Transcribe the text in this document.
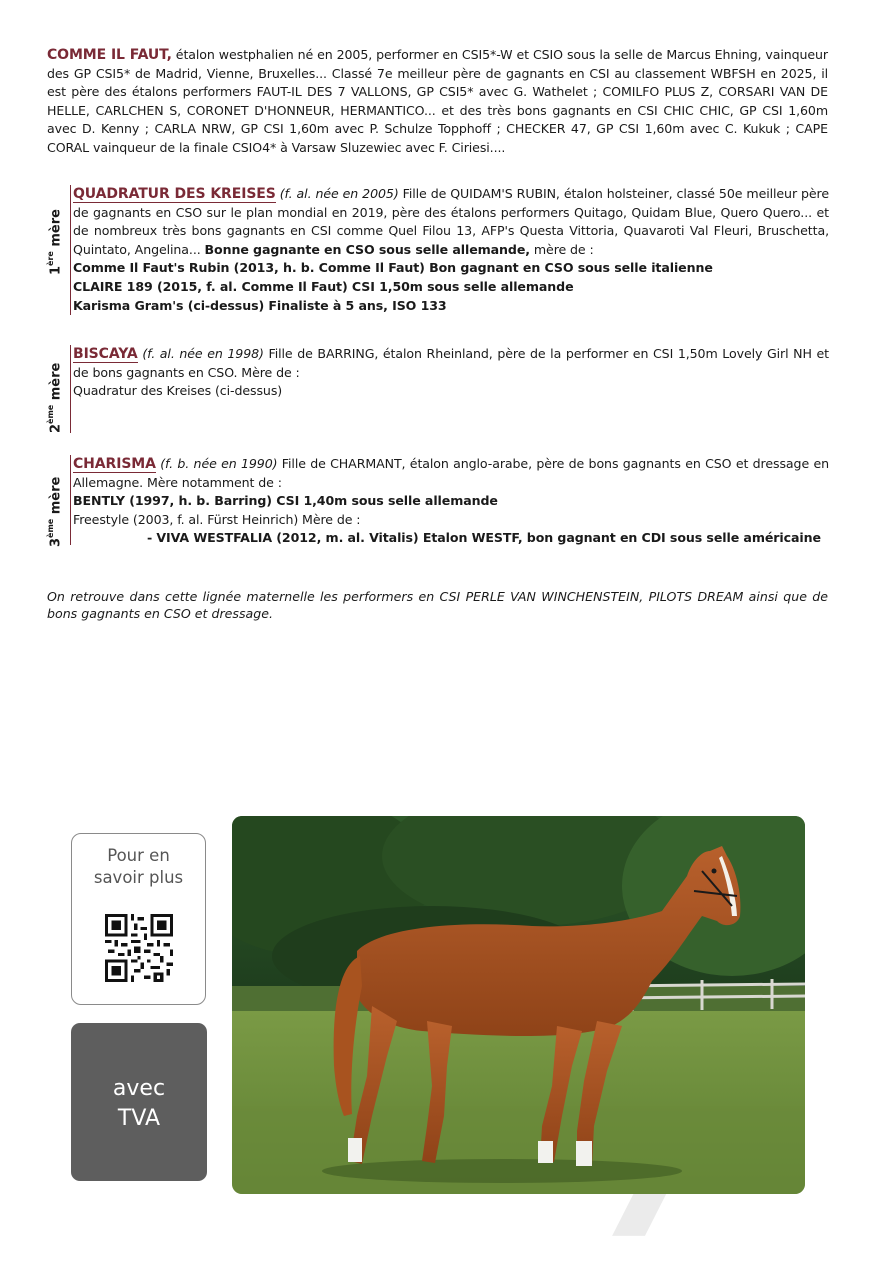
COMME IL FAUT, étalon westphalien né en 2005, performer en CSI5*-W et CSIO sous la selle de Marcus Ehning, vainqueur des GP CSI5* de Madrid, Vienne, Bruxelles... Classé 7e meilleur père de gagnants en CSI au classement WBFSH en 2025, il est père des étalons performers FAUT-IL DES 7 VALLONS, GP CSI5* avec G. Wathelet ; COMILFO PLUS Z, CORSARI VAN DE HELLE, CARLCHEN S, CORONET D'HONNEUR, HERMANTICO... et des très bons gagnants en CSI CHIC CHIC, GP CSI 1,60m avec D. Kenny ; CARLA NRW, GP CSI 1,60m avec P. Schulze Topphoff ; CHECKER 47, GP CSI 1,60m avec C. Kukuk ; CAPE CORAL vainqueur de la finale CSIO4* à Varsaw Sluzewiec avec F. Ciriesi....
1ère mère
QUADRATUR DES KREISES (f. al. née en 2005) Fille de QUIDAM'S RUBIN, étalon holsteiner, classé 50e meilleur père de gagnants en CSO sur le plan mondial en 2019, père des étalons performers Quitago, Quidam Blue, Quero Quero... et de nombreux très bons gagnants en CSI comme Quel Filou 13, AFP's Questa Vittoria, Quavaroti Val Fleuri, Bruschetta, Quintato, Angelina... Bonne gagnante en CSO sous selle allemande, mère de :
Comme Il Faut's Rubin (2013, h. b. Comme Il Faut) Bon gagnant en CSO sous selle italienne
CLAIRE 189 (2015, f. al. Comme Il Faut) CSI 1,50m sous selle allemande
Karisma Gram's (ci-dessus) Finaliste à 5 ans, ISO 133
2ème mère
BISCAYA (f. al. née en 1998) Fille de BARRING, étalon Rheinland, père de la performer en CSI 1,50m Lovely Girl NH et de bons gagnants en CSO. Mère de :
Quadratur des Kreises (ci-dessus)
3ème mère
CHARISMA (f. b. née en 1990) Fille de CHARMANT, étalon anglo-arabe, père de bons gagnants en CSO et dressage en Allemagne. Mère notamment de :
BENTLY (1997, h. b. Barring) CSI 1,40m sous selle allemande
Freestyle (2003, f. al. Fürst Heinrich) Mère de :
- VIVA WESTFALIA (2012, m. al. Vitalis) Etalon WESTF, bon gagnant en CDI sous selle américaine
On retrouve dans cette lignée maternelle les performers en CSI PERLE VAN WINCHENSTEIN, PILOTS DREAM ainsi que de bons gagnants en CSO et dressage.
Pour en
savoir plus
avec
TVA
